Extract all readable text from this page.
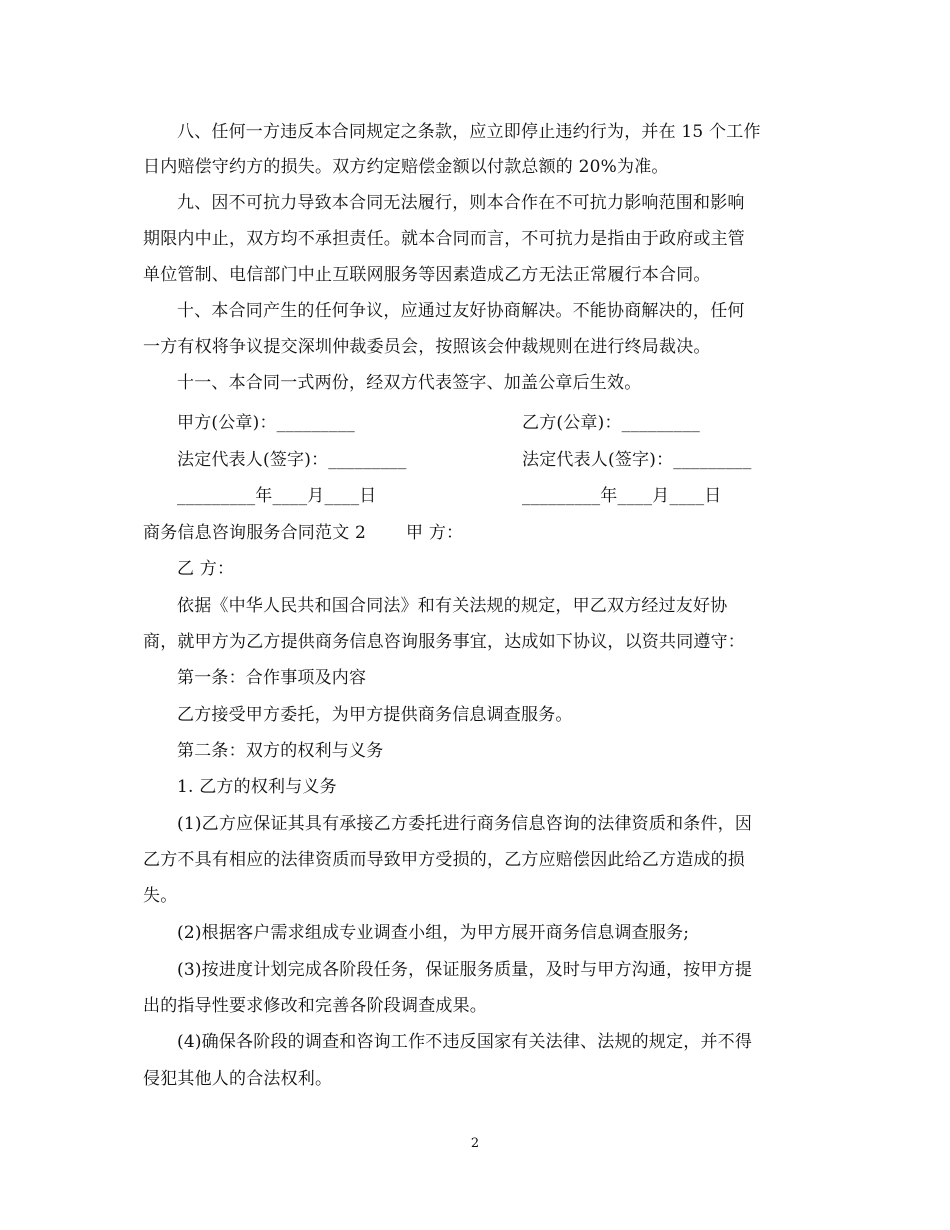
八、任何一方违反本合同规定之条款，应立即停止违约行为，并在 15 个工作
日内赔偿守约方的损失。双方约定赔偿金额以付款总额的 20%为准。
九、因不可抗力导致本合同无法履行，则本合作在不可抗力影响范围和影响
期限内中止，双方均不承担责任。就本合同而言，不可抗力是指由于政府或主管
单位管制、电信部门中止互联网服务等因素造成乙方无法正常履行本合同。
十、本合同产生的任何争议，应通过友好协商解决。不能协商解决的，任何
一方有权将争议提交深圳仲裁委员会，按照该会仲裁规则在进行终局裁决。
十一、本合同一式两份，经双方代表签字、加盖公章后生效。
甲方(公章)：_________	乙方(公章)：_________
法定代表人(签字)：_________	法定代表人(签字)：_________
_________年____月____日	_________年____月____日
商务信息咨询服务合同范文 2　　 甲 方：
乙 方：
依据《中华人民共和国合同法》和有关法规的规定，甲乙双方经过友好协
商，就甲方为乙方提供商务信息咨询服务事宜，达成如下协议，以资共同遵守：
第一条：合作事项及内容
乙方接受甲方委托，为甲方提供商务信息调查服务。
第二条：双方的权利与义务
1. 乙方的权利与义务
(1)乙方应保证其具有承接乙方委托进行商务信息咨询的法律资质和条件，因
乙方不具有相应的法律资质而导致甲方受损的，乙方应赔偿因此给乙方造成的损
失。
(2)根据客户需求组成专业调查小组，为甲方展开商务信息调查服务;
(3)按进度计划完成各阶段任务，保证服务质量，及时与甲方沟通，按甲方提
出的指导性要求修改和完善各阶段调查成果。
(4)确保各阶段的调查和咨询工作不违反国家有关法律、法规的规定，并不得
侵犯其他人的合法权利。
2
